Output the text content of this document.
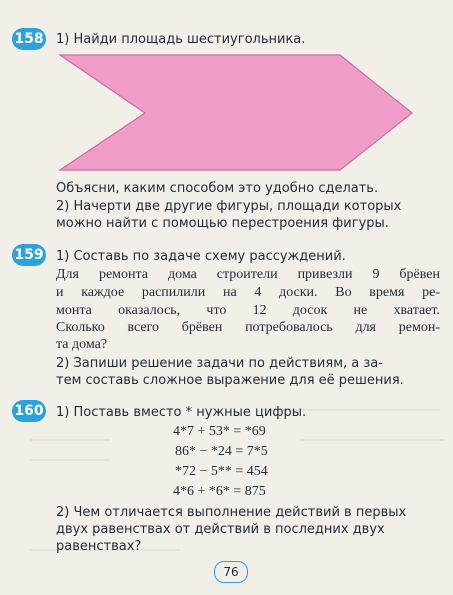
158 1) Найди площадь шестиугольника.
Объясни, каким способом это удобно сделать.
2) Начерти две другие фигуры, площади которых
можно найти с помощью перестроения фигуры.
159 1) Составь по задаче схему рассуждений.
Для ремонта дома строители привезли 9 брёвен
и каждое распилили на 4 доски. Во время ре-
монта оказалось, что 12 досок не хватает.
Сколько всего брёвен потребовалось для ремон-
та дома?
2) Запиши решение задачи по действиям, а за-
тем составь сложное выражение для её решения.
160 1) Поставь вместо * нужные цифры.
4*7 + 53* = *69
86* − *24 = 7*5
*72 − 5** = 454
4*6 + *6* = 875
2) Чем отличается выполнение действий в первых
двух равенствах от действий в последних двух
равенствах?
76
